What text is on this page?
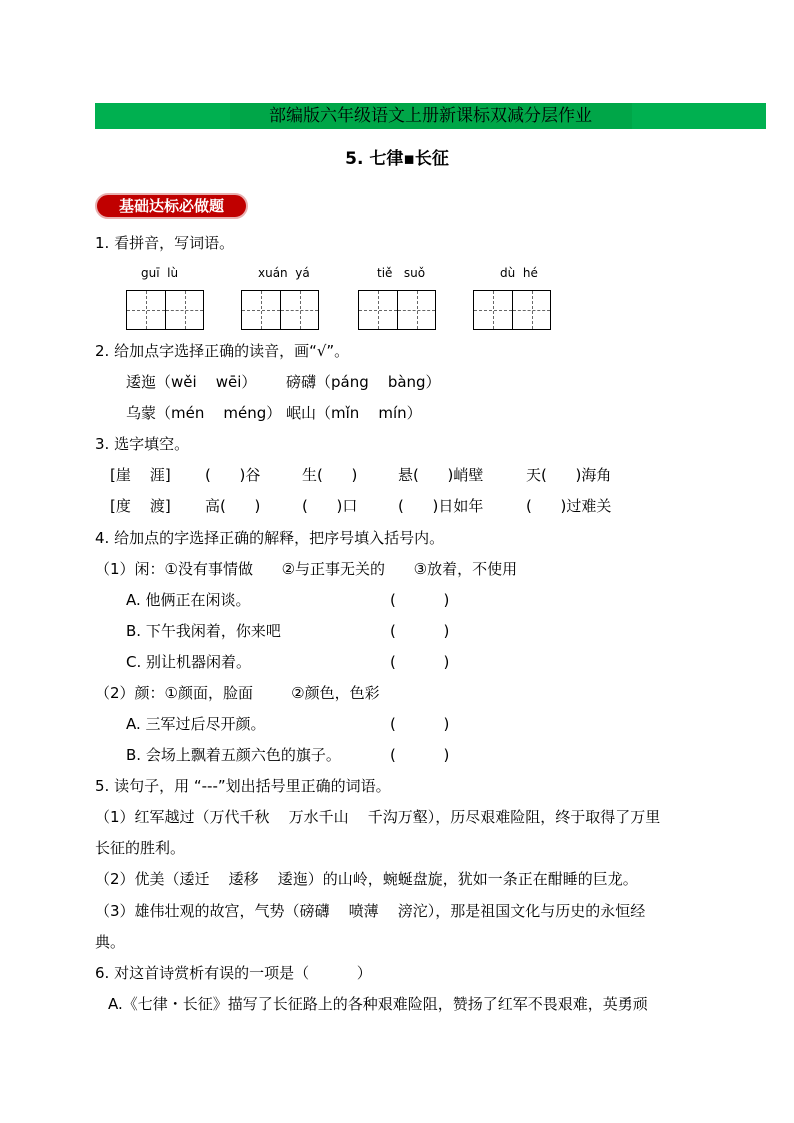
部编版六年级语文上册新课标双减分层作业
5. 七律▪长征
基础达标必做题
1. 看拼音，写词语。
guī  lù	xuán  yá	tiě   suǒ	dù  hé
2. 给加点字选择正确的读音，画“√”。
逶迤（wěi    wēi） 磅礴（páng    bàng）
乌蒙（mén    méng） 岷山（mǐn    mín）
3. 选字填空。
[崖    涯] (      )谷	生(      )	悬(      )峭壁	天(      )海角
[度    渡] 高(      )	(      )口	(      )日如年	(      )过难关
4. 给加点的字选择正确的解释，把序号填入括号内。
（1）闲：①没有事情做      ②与正事无关的      ③放着，不使用
A. 他俩正在闲谈。	(          )
B. 下午我闲着，你来吧	(          )
C. 别让机器闲着。	(          )
（2）颜：①颜面，脸面        ②颜色，色彩
A. 三军过后尽开颜。	(          )
B. 会场上飘着五颜六色的旗子。	(          )
5. 读句子，用 “---”划出括号里正确的词语。
（1）红军越过（万代千秋    万水千山    千沟万壑），历尽艰难险阻，终于取得了万里
长征的胜利。
（2）优美（逶迁    逶移    逶迤）的山岭，蜿蜒盘旋，犹如一条正在酣睡的巨龙。
（3）雄伟壮观的故宫，气势（磅礴    喷薄    滂沱），那是祖国文化与历史的永恒经
典。
6. 对这首诗赏析有误的一项是（          ）
A.《七律・长征》描写了长征路上的各种艰难险阻，赞扬了红军不畏艰难，英勇顽
